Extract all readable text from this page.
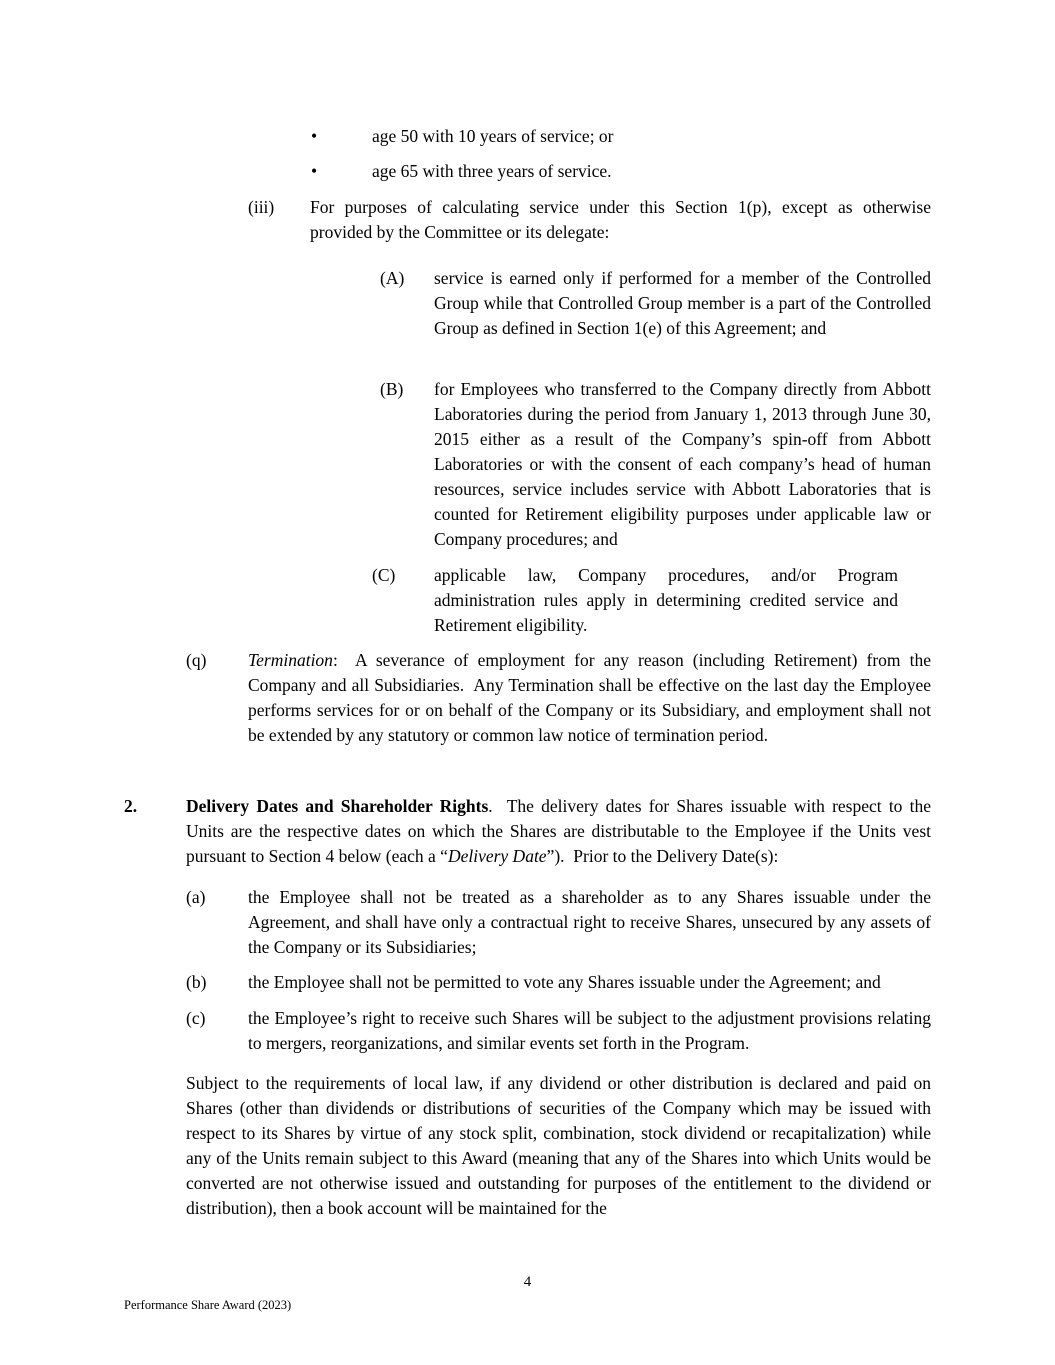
•	age 50 with 10 years of service; or

•	age 65 with three years of service.

(iii) For purposes of calculating service under this Section 1(p), except as otherwise provided by the Committee or its delegate:

(A) service is earned only if performed for a member of the Controlled Group while that Controlled Group member is a part of the Controlled Group as defined in Section 1(e) of this Agreement; and

(B) for Employees who transferred to the Company directly from Abbott Laboratories during the period from January 1, 2013 through June 30, 2015 either as a result of the Company’s spin-off from Abbott Laboratories or with the consent of each company’s head of human resources, service includes service with Abbott Laboratories that is counted for Retirement eligibility purposes under applicable law or Company procedures; and

(C) applicable law, Company procedures, and/or Program administration rules apply in determining credited service and Retirement eligibility.

(q) Termination:  A severance of employment for any reason (including Retirement) from the Company and all Subsidiaries.  Any Termination shall be effective on the last day the Employee performs services for or on behalf of the Company or its Subsidiary, and employment shall not be extended by any statutory or common law notice of termination period.

2.	Delivery Dates and Shareholder Rights.  The delivery dates for Shares issuable with respect to the Units are the respective dates on which the Shares are distributable to the Employee if the Units vest pursuant to Section 4 below (each a “Delivery Date”).  Prior to the Delivery Date(s):

(a) the Employee shall not be treated as a shareholder as to any Shares issuable under the Agreement, and shall have only a contractual right to receive Shares, unsecured by any assets of the Company or its Subsidiaries;

(b) the Employee shall not be permitted to vote any Shares issuable under the Agreement; and

(c) the Employee’s right to receive such Shares will be subject to the adjustment provisions relating to mergers, reorganizations, and similar events set forth in the Program.

Subject to the requirements of local law, if any dividend or other distribution is declared and paid on Shares (other than dividends or distributions of securities of the Company which may be issued with respect to its Shares by virtue of any stock split, combination, stock dividend or recapitalization) while any of the Units remain subject to this Award (meaning that any of the Shares into which Units would be converted are not otherwise issued and outstanding for purposes of the entitlement to the dividend or distribution), then a book account will be maintained for the

4
Performance Share Award (2023)
